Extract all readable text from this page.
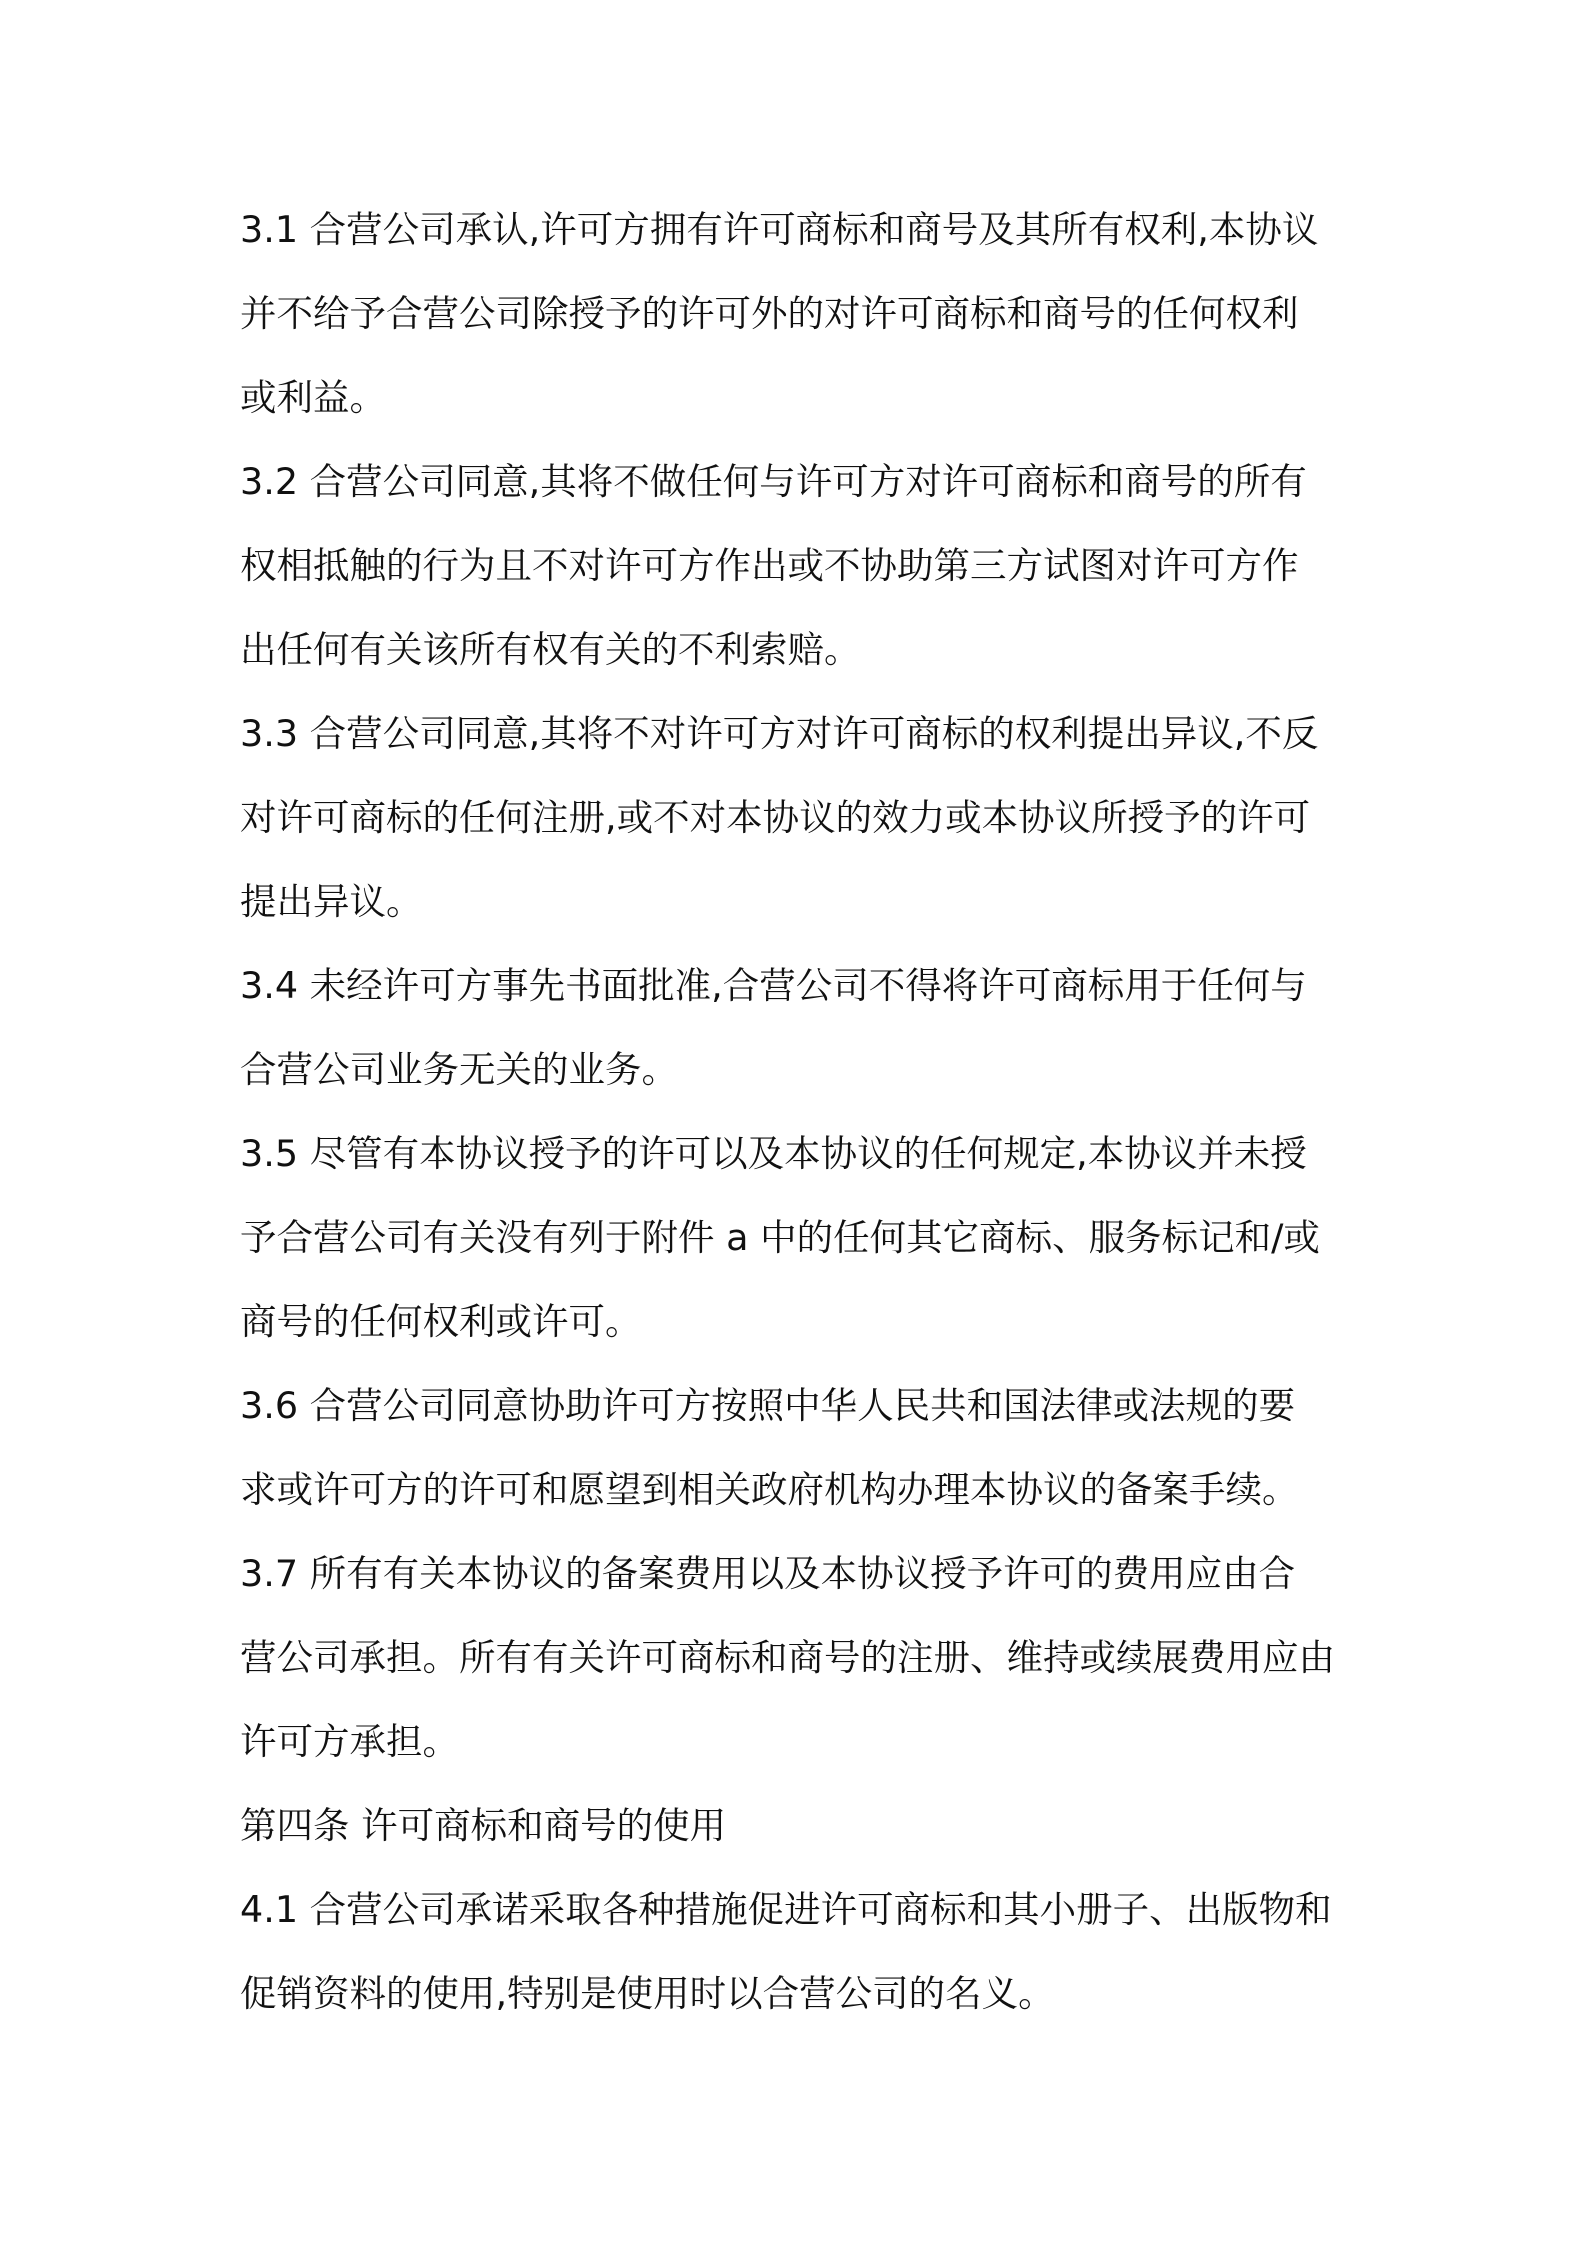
3.1 合营公司承认,许可方拥有许可商标和商号及其所有权利,本协议
并不给予合营公司除授予的许可外的对许可商标和商号的任何权利
或利益。
3.2 合营公司同意,其将不做任何与许可方对许可商标和商号的所有
权相抵触的行为且不对许可方作出或不协助第三方试图对许可方作
出任何有关该所有权有关的不利索赔。
3.3 合营公司同意,其将不对许可方对许可商标的权利提出异议,不反
对许可商标的任何注册,或不对本协议的效力或本协议所授予的许可
提出异议。
3.4 未经许可方事先书面批准,合营公司不得将许可商标用于任何与
合营公司业务无关的业务。
3.5 尽管有本协议授予的许可以及本协议的任何规定,本协议并未授
予合营公司有关没有列于附件 a 中的任何其它商标、服务标记和/或
商号的任何权利或许可。
3.6 合营公司同意协助许可方按照中华人民共和国法律或法规的要
求或许可方的许可和愿望到相关政府机构办理本协议的备案手续。
3.7 所有有关本协议的备案费用以及本协议授予许可的费用应由合
营公司承担。所有有关许可商标和商号的注册、维持或续展费用应由
许可方承担。
第四条 许可商标和商号的使用
4.1 合营公司承诺采取各种措施促进许可商标和其小册子、出版物和
促销资料的使用,特别是使用时以合营公司的名义。
